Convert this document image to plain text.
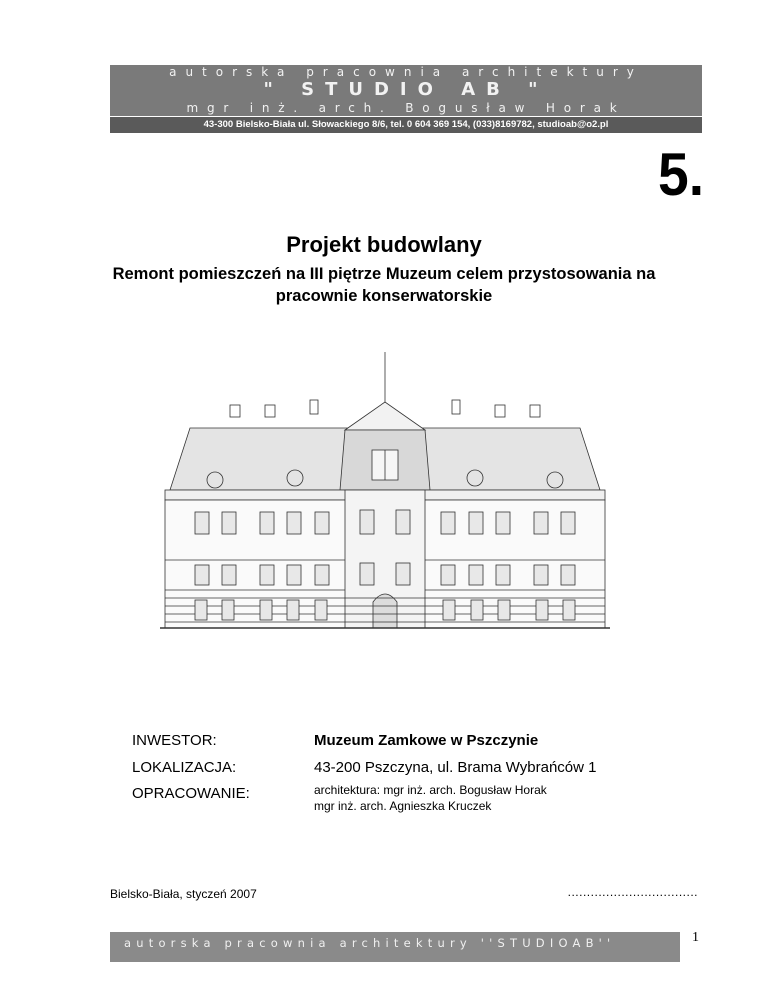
autorska pracownia architektury
" STUDIO AB "
mgr inż. arch. Bogusław Horak
43-300 Bielsko-Biała ul. Słowackiego 8/6, tel. 0 604 369 154, (033)8169782, studioab@o2.pl
5.
Projekt budowlany
Remont pomieszczeń na III piętrze Muzeum celem przystosowania na pracownie konserwatorskie
INWESTOR:	Muzeum Zamkowe w Pszczynie
LOKALIZACJA:	43-200 Pszczyna, ul. Brama Wybrańców 1
OPRACOWANIE:	architektura: mgr inż. arch. Bogusław Horak
mgr inż. arch. Agnieszka Kruczek
Bielsko-Biała, styczeń 2007	..................................
autorska pracownia architektury ''STUDIOAB''	1
